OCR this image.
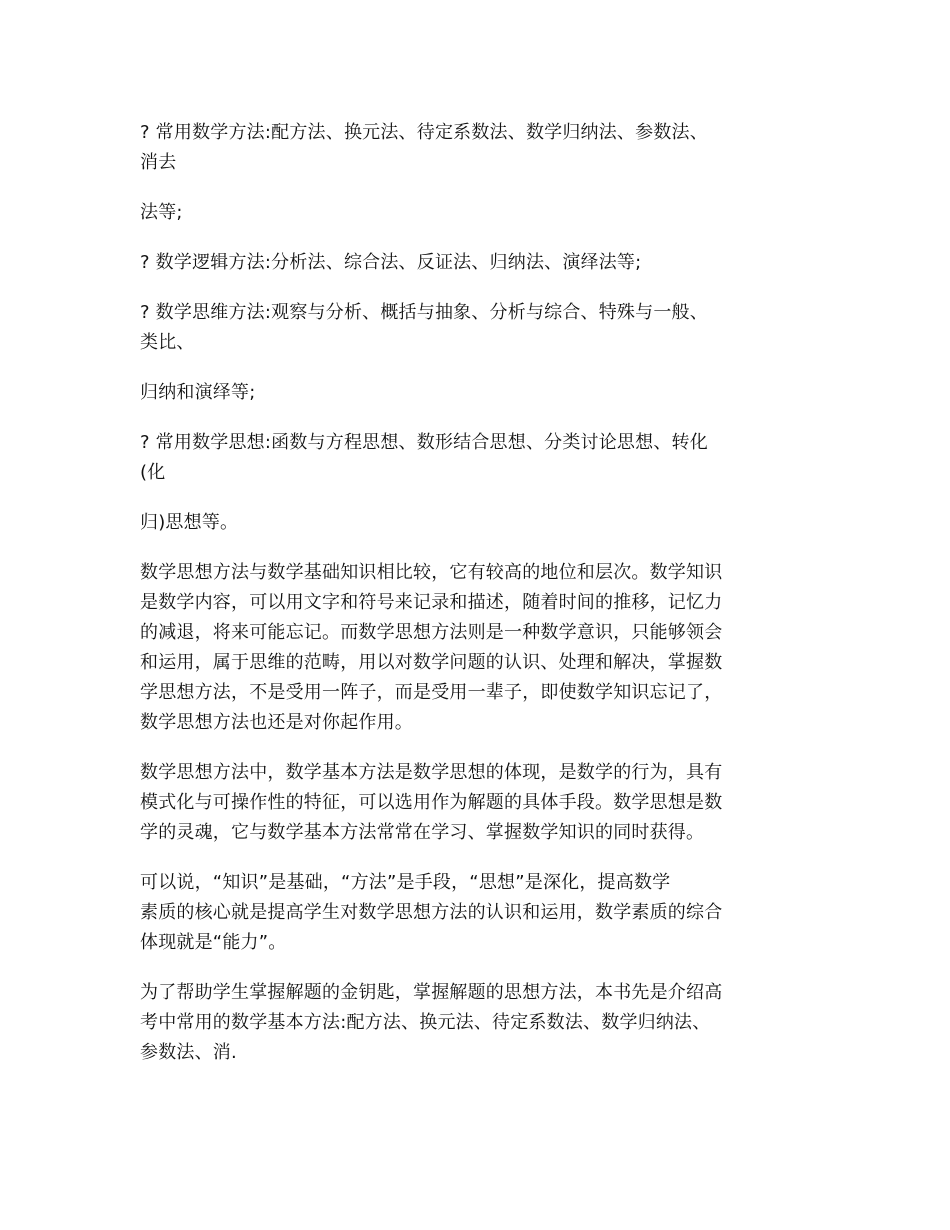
? 常用数学方法:配方法、换元法、待定系数法、数学归纳法、参数法、
消去
法等;
? 数学逻辑方法:分析法、综合法、反证法、归纳法、演绎法等;
? 数学思维方法:观察与分析、概括与抽象、分析与综合、特殊与一般、
类比、
归纳和演绎等;
? 常用数学思想:函数与方程思想、数形结合思想、分类讨论思想、转化
(化
归)思想等。
数学思想方法与数学基础知识相比较，它有较高的地位和层次。数学知识
是数学内容，可以用文字和符号来记录和描述，随着时间的推移，记忆力
的减退，将来可能忘记。而数学思想方法则是一种数学意识，只能够领会
和运用，属于思维的范畴，用以对数学问题的认识、处理和解决，掌握数
学思想方法，不是受用一阵子，而是受用一辈子，即使数学知识忘记了，
数学思想方法也还是对你起作用。
数学思想方法中，数学基本方法是数学思想的体现，是数学的行为，具有
模式化与可操作性的特征，可以选用作为解题的具体手段。数学思想是数
学的灵魂，它与数学基本方法常常在学习、掌握数学知识的同时获得。
可以说，“知识”是基础，“方法”是手段，“思想”是深化，提高数学
素质的核心就是提高学生对数学思想方法的认识和运用，数学素质的综合
体现就是“能力”。
为了帮助学生掌握解题的金钥匙，掌握解题的思想方法，本书先是介绍高
考中常用的数学基本方法:配方法、换元法、待定系数法、数学归纳法、
参数法、消.
